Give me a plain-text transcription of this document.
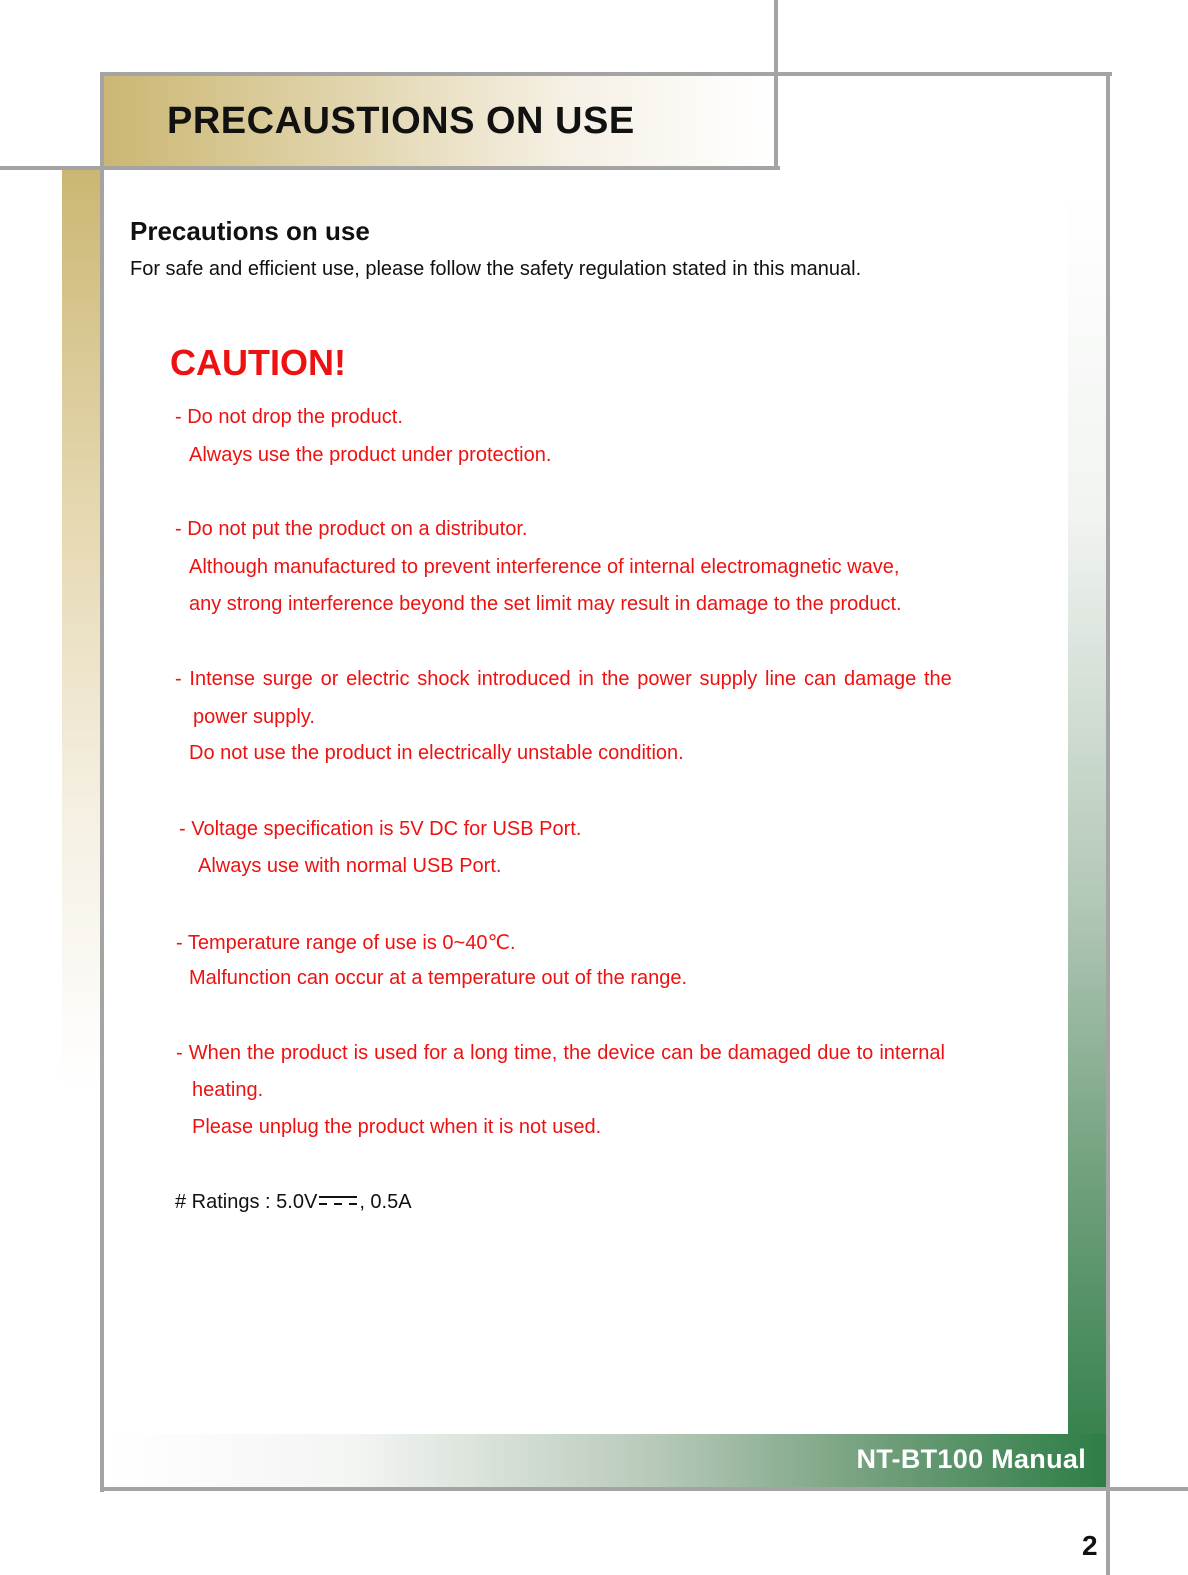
PRECAUSTIONS ON USE
Precautions on use
For safe and efficient use, please follow the safety regulation stated in this manual.
CAUTION!
- Do not drop the product.
Always use the product under protection.
- Do not put the product on a distributor.
Although manufactured to prevent interference of internal electromagnetic wave,
any strong interference beyond the set limit may result in damage to the product.
- Intense surge or electric shock introduced in the power supply line can damage the
power supply.
Do not use the product in electrically unstable condition.
- Voltage specification is 5V DC for USB Port.
Always use with normal USB Port.
- Temperature range of use is 0~40℃.
Malfunction can occur at a temperature out of the range.
- When the product is used for a long time, the device can be damaged due to internal
heating.
Please unplug the product when it is not used.
# Ratings : 5.0V , 0.5A
NT-BT100 Manual
2
